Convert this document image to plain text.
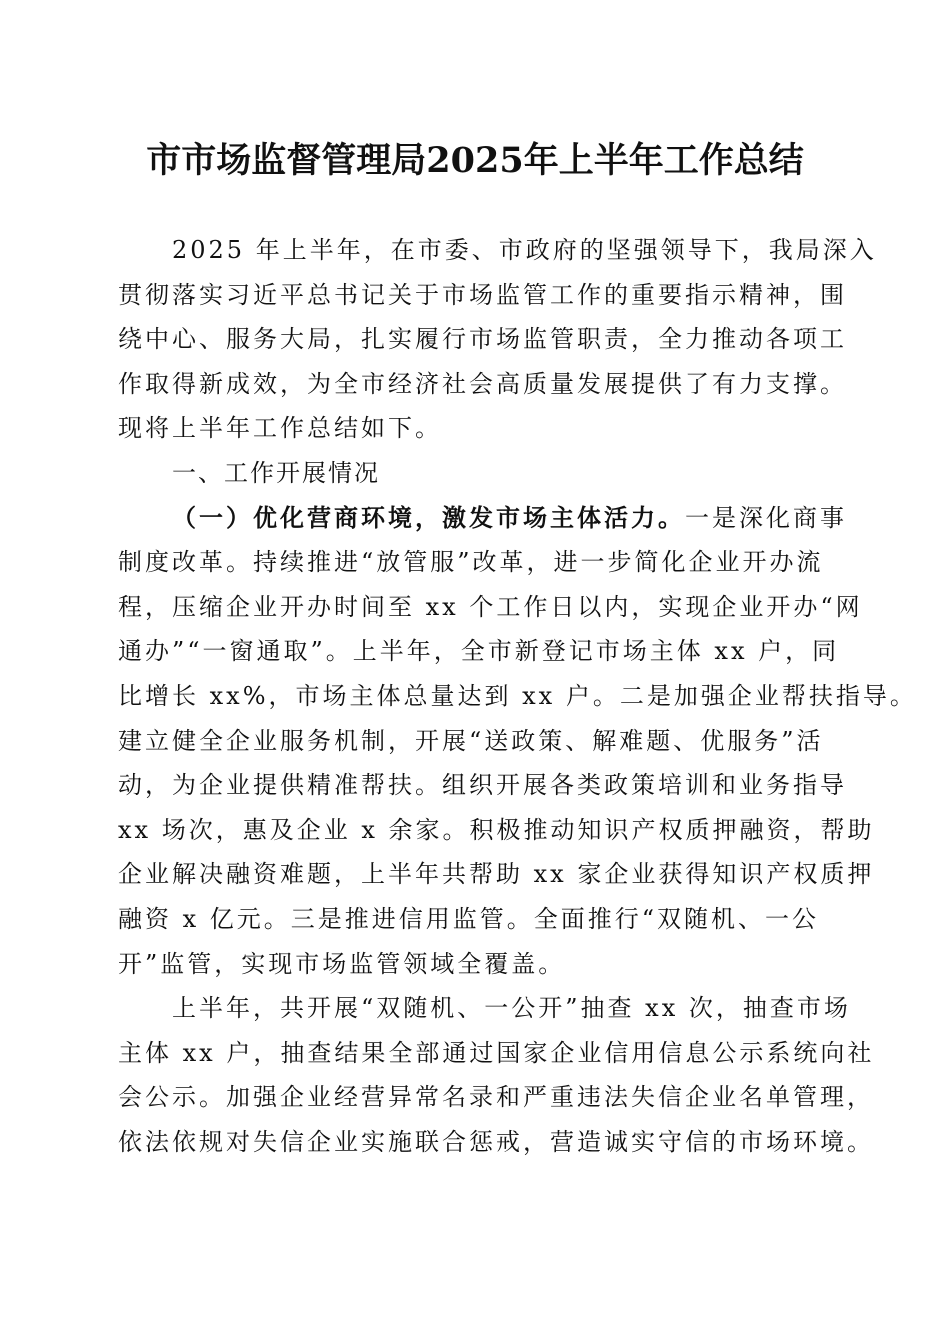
市市场监督管理局2025年上半年工作总结
2025 年上半年，在市委、市政府的坚强领导下，我局深入
贯彻落实习近平总书记关于市场监管工作的重要指示精神，围
绕中心、服务大局，扎实履行市场监管职责，全力推动各项工
作取得新成效，为全市经济社会高质量发展提供了有力支撑。
现将上半年工作总结如下。
一、工作开展情况
（一）优化营商环境，激发市场主体活力。一是深化商事
制度改革。持续推进“放管服”改革，进一步简化企业开办流
程，压缩企业开办时间至 xx 个工作日以内，实现企业开办“网
通办”“一窗通取”。上半年，全市新登记市场主体 xx 户，同
比增长 xx%，市场主体总量达到 xx 户。二是加强企业帮扶指导。
建立健全企业服务机制，开展“送政策、解难题、优服务”活
动，为企业提供精准帮扶。组织开展各类政策培训和业务指导
xx 场次，惠及企业 x 余家。积极推动知识产权质押融资，帮助
企业解决融资难题，上半年共帮助 xx 家企业获得知识产权质押
融资 x 亿元。三是推进信用监管。全面推行“双随机、一公
开”监管，实现市场监管领域全覆盖。
上半年，共开展“双随机、一公开”抽查 xx 次，抽查市场
主体 xx 户，抽查结果全部通过国家企业信用信息公示系统向社
会公示。加强企业经营异常名录和严重违法失信企业名单管理，
依法依规对失信企业实施联合惩戒，营造诚实守信的市场环境。
